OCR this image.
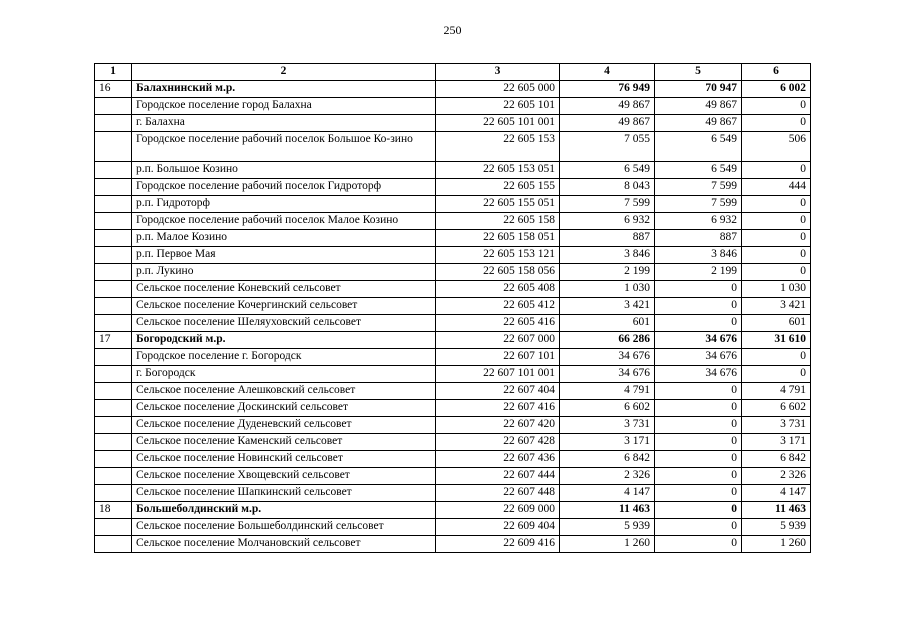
250
1	2	3	4	5	6
16	Балахнинский м.р.	22 605 000	76 949	70 947	6 002
	Городское поселение город Балахна	22 605 101	49 867	49 867	0
	г. Балахна	22 605 101 001	49 867	49 867	0
	Городское поселение рабочий поселок Большое Ко-зино	22 605 153	7 055	6 549	506
	р.п. Большое Козино	22 605 153 051	6 549	6 549	0
	Городское поселение рабочий поселок Гидроторф	22 605 155	8 043	7 599	444
	р.п. Гидроторф	22 605 155 051	7 599	7 599	0
	Городское поселение рабочий поселок Малое Козино	22 605 158	6 932	6 932	0
	р.п. Малое Козино	22 605 158 051	887	887	0
	р.п. Первое Мая	22 605 153 121	3 846	3 846	0
	р.п. Лукино	22 605 158 056	2 199	2 199	0
	Сельское поселение Коневский сельсовет	22 605 408	1 030	0	1 030
	Сельское поселение Кочергинский сельсовет	22 605 412	3 421	0	3 421
	Сельское поселение Шеляуховский сельсовет	22 605 416	601	0	601
17	Богородский м.р.	22 607 000	66 286	34 676	31 610
	Городское поселение г. Богородск	22 607 101	34 676	34 676	0
	г. Богородск	22 607 101 001	34 676	34 676	0
	Сельское поселение Алешковский сельсовет	22 607 404	4 791	0	4 791
	Сельское поселение Доскинский сельсовет	22 607 416	6 602	0	6 602
	Сельское поселение Дуденевский сельсовет	22 607 420	3 731	0	3 731
	Сельское поселение Каменский сельсовет	22 607 428	3 171	0	3 171
	Сельское поселение Новинский сельсовет	22 607 436	6 842	0	6 842
	Сельское поселение Хвощевский сельсовет	22 607 444	2 326	0	2 326
	Сельское поселение Шапкинский сельсовет	22 607 448	4 147	0	4 147
18	Большеболдинский м.р.	22 609 000	11 463	0	11 463
	Сельское поселение Большеболдинский сельсовет	22 609 404	5 939	0	5 939
	Сельское поселение Молчановский сельсовет	22 609 416	1 260	0	1 260
